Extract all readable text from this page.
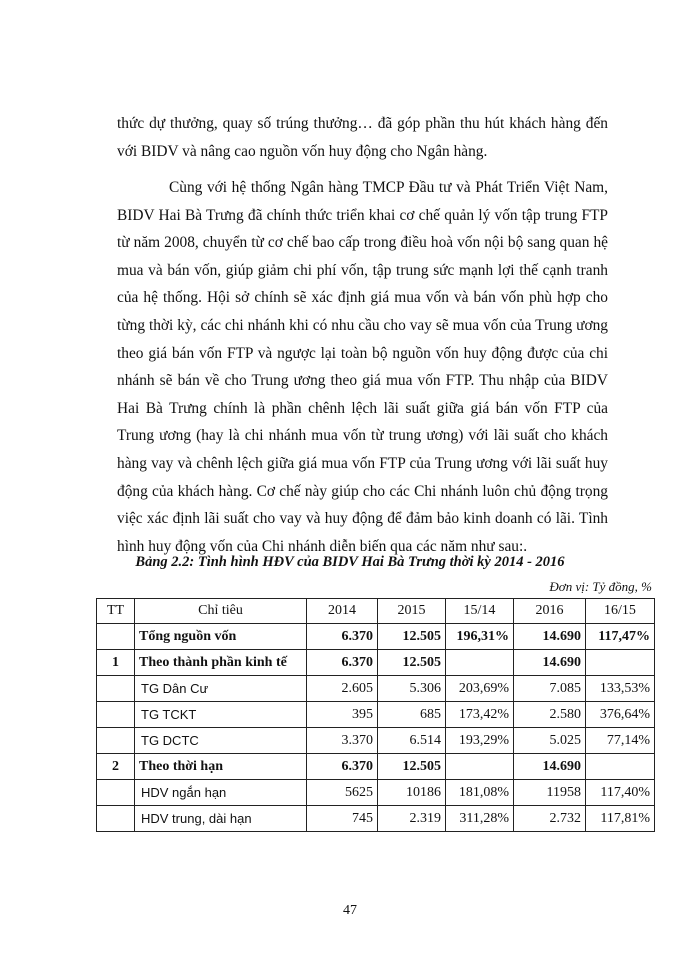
thức dự thưởng, quay số trúng thưởng… đã góp phần thu hút khách hàng đến với BIDV và nâng cao nguồn vốn huy động cho Ngân hàng.

Cùng với hệ thống Ngân hàng TMCP Đầu tư và Phát Triển Việt Nam, BIDV Hai Bà Trưng đã chính thức triển khai cơ chế quản lý vốn tập trung FTP từ năm 2008, chuyển từ cơ chế bao cấp trong điều hoà vốn nội bộ sang quan hệ mua và bán vốn, giúp giảm chi phí vốn, tập trung sức mạnh lợi thế cạnh tranh của hệ thống. Hội sở chính sẽ xác định giá mua vốn và bán vốn phù hợp cho từng thời kỳ, các chi nhánh khi có nhu cầu cho vay sẽ mua vốn của Trung ương theo giá bán vốn FTP và ngược lại toàn bộ nguồn vốn huy động được của chi nhánh sẽ bán về cho Trung ương theo giá mua vốn FTP. Thu nhập của BIDV Hai Bà Trưng chính là phần chênh lệch lãi suất giữa giá bán vốn FTP của Trung ương (hay là chi nhánh mua vốn từ trung ương) với lãi suất cho khách hàng vay và chênh lệch giữa giá mua vốn FTP của Trung ương với lãi suất huy động của khách hàng. Cơ chế này giúp cho các Chi nhánh luôn chủ động trọng việc xác định lãi suất cho vay và huy động để đảm bảo kinh doanh có lãi. Tình hình huy động vốn của Chi nhánh diễn biến qua các năm như sau:.

Bảng 2.2: Tình hình HĐV của BIDV Hai Bà Trưng thời kỳ 2014 - 2016
Đơn vị: Tỷ đồng, %
TT	Chỉ tiêu	2014	2015	15/14	2016	16/15
	Tổng nguồn vốn	6.370	12.505	196,31%	14.690	117,47%
1	Theo thành phần kinh tế	6.370	12.505		14.690	
	TG Dân Cư	2.605	5.306	203,69%	7.085	133,53%
	TG TCKT	395	685	173,42%	2.580	376,64%
	TG DCTC	3.370	6.514	193,29%	5.025	77,14%
2	Theo thời hạn	6.370	12.505		14.690	
	HDV ngắn hạn	5625	10186	181,08%	11958	117,40%
	HDV trung, dài hạn	745	2.319	311,28%	2.732	117,81%
47
